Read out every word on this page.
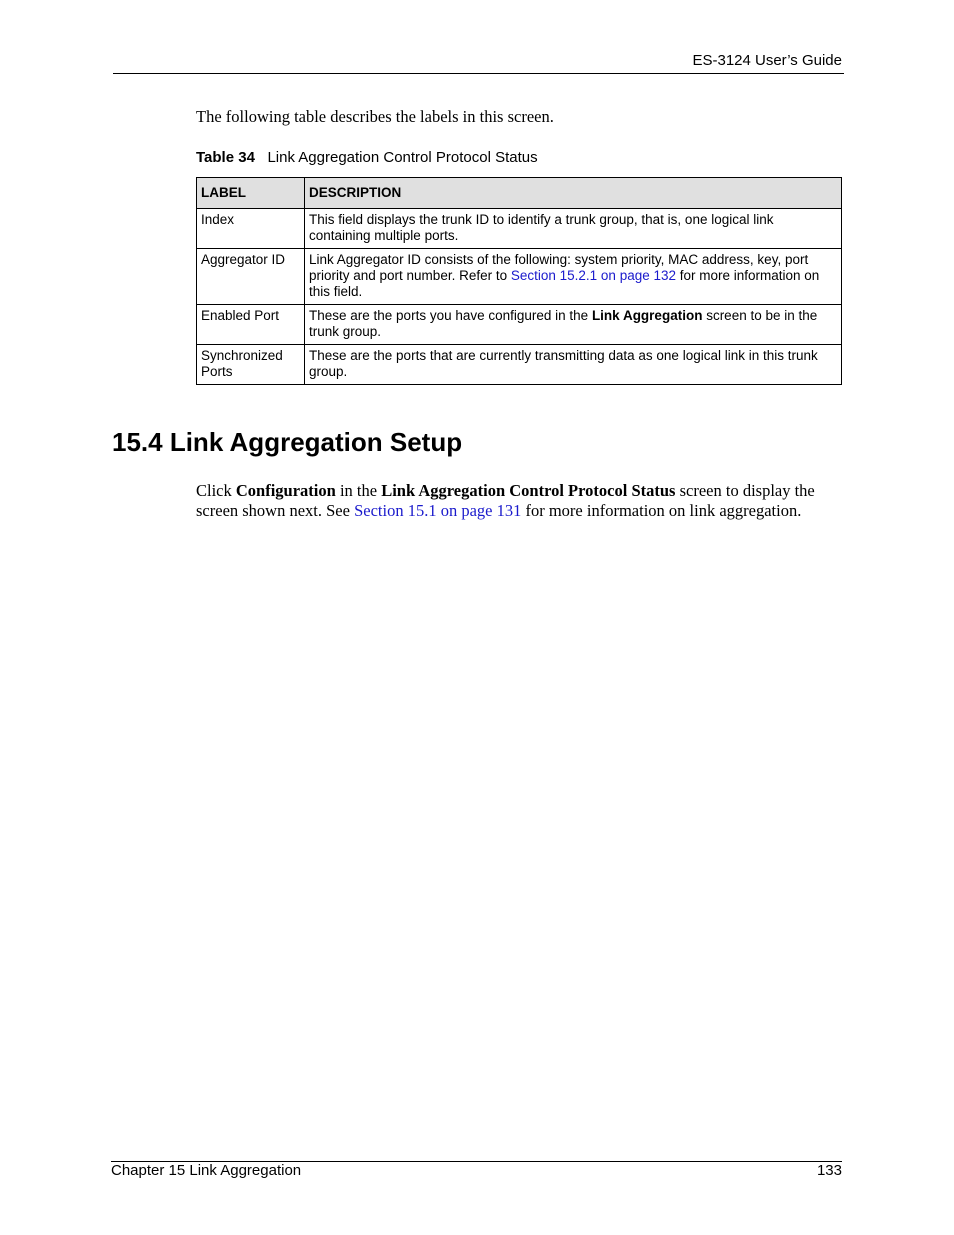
ES-3124 User’s Guide
The following table describes the labels in this screen.
Table 34 Link Aggregation Control Protocol Status
LABEL	DESCRIPTION
Index	This field displays the trunk ID to identify a trunk group, that is, one logical link containing multiple ports.
Aggregator ID	Link Aggregator ID consists of the following: system priority, MAC address, key, port priority and port number. Refer to Section 15.2.1 on page 132 for more information on this field.
Enabled Port	These are the ports you have configured in the Link Aggregation screen to be in the trunk group.
Synchronized Ports	These are the ports that are currently transmitting data as one logical link in this trunk group.
15.4 Link Aggregation Setup
Click Configuration in the Link Aggregation Control Protocol Status screen to display the screen shown next. See Section 15.1 on page 131 for more information on link aggregation.
Chapter 15 Link Aggregation	133
